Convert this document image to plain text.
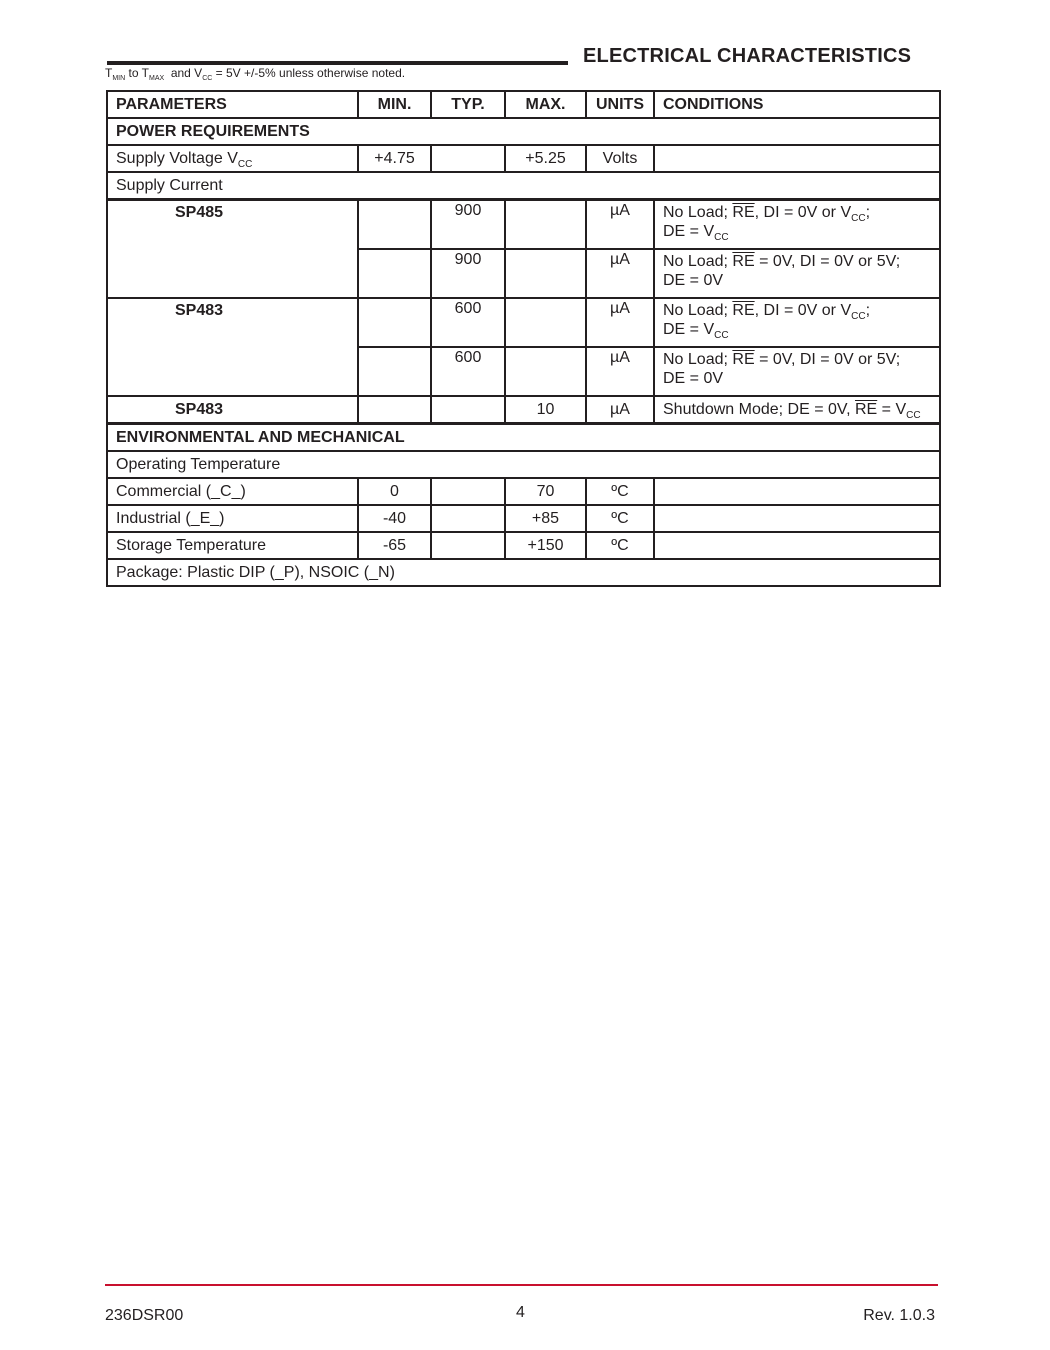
ELECTRICAL CHARACTERISTICS
$T_{MIN}$ to $T_{MAX}$  and $V_{CC} = 5V +/-5\%$ unless otherwise noted.
PARAMETERS	MIN.	TYP.	MAX.	UNITS	CONDITIONS
POWER REQUIREMENTS					
Supply Voltage $V_{CC}$	+4.75		+5.25	Volts	
Supply Current					
SP485		900		µA	No Load; $\overline{RE}$, DI = 0V or $V_{CC}$;
DE = $V_{CC}$
		900		µA	No Load; $\overline{RE} = 0V$, DI = 0V or 5V;
DE = 0V
SP483		600		µA	No Load; $\overline{RE}$, DI = 0V or $V_{CC}$;
DE = $V_{CC}$
		600		µA	No Load; $\overline{RE} = 0V$, DI = 0V or 5V;
DE = 0V
SP483			10	µA	Shutdown Mode; DE = 0V, $\overline{RE} = V_{CC}$
ENVIRONMENTAL AND MECHANICAL					
Operating Temperature					
Commercial (_C_)	0		70	ºC	
Industrial (_E_)	-40		+85	ºC	
Storage Temperature	-65		+150	ºC	
Package: Plastic DIP (_P), NSOIC (_N)					
236DSR00	4	Rev. 1.0.3
